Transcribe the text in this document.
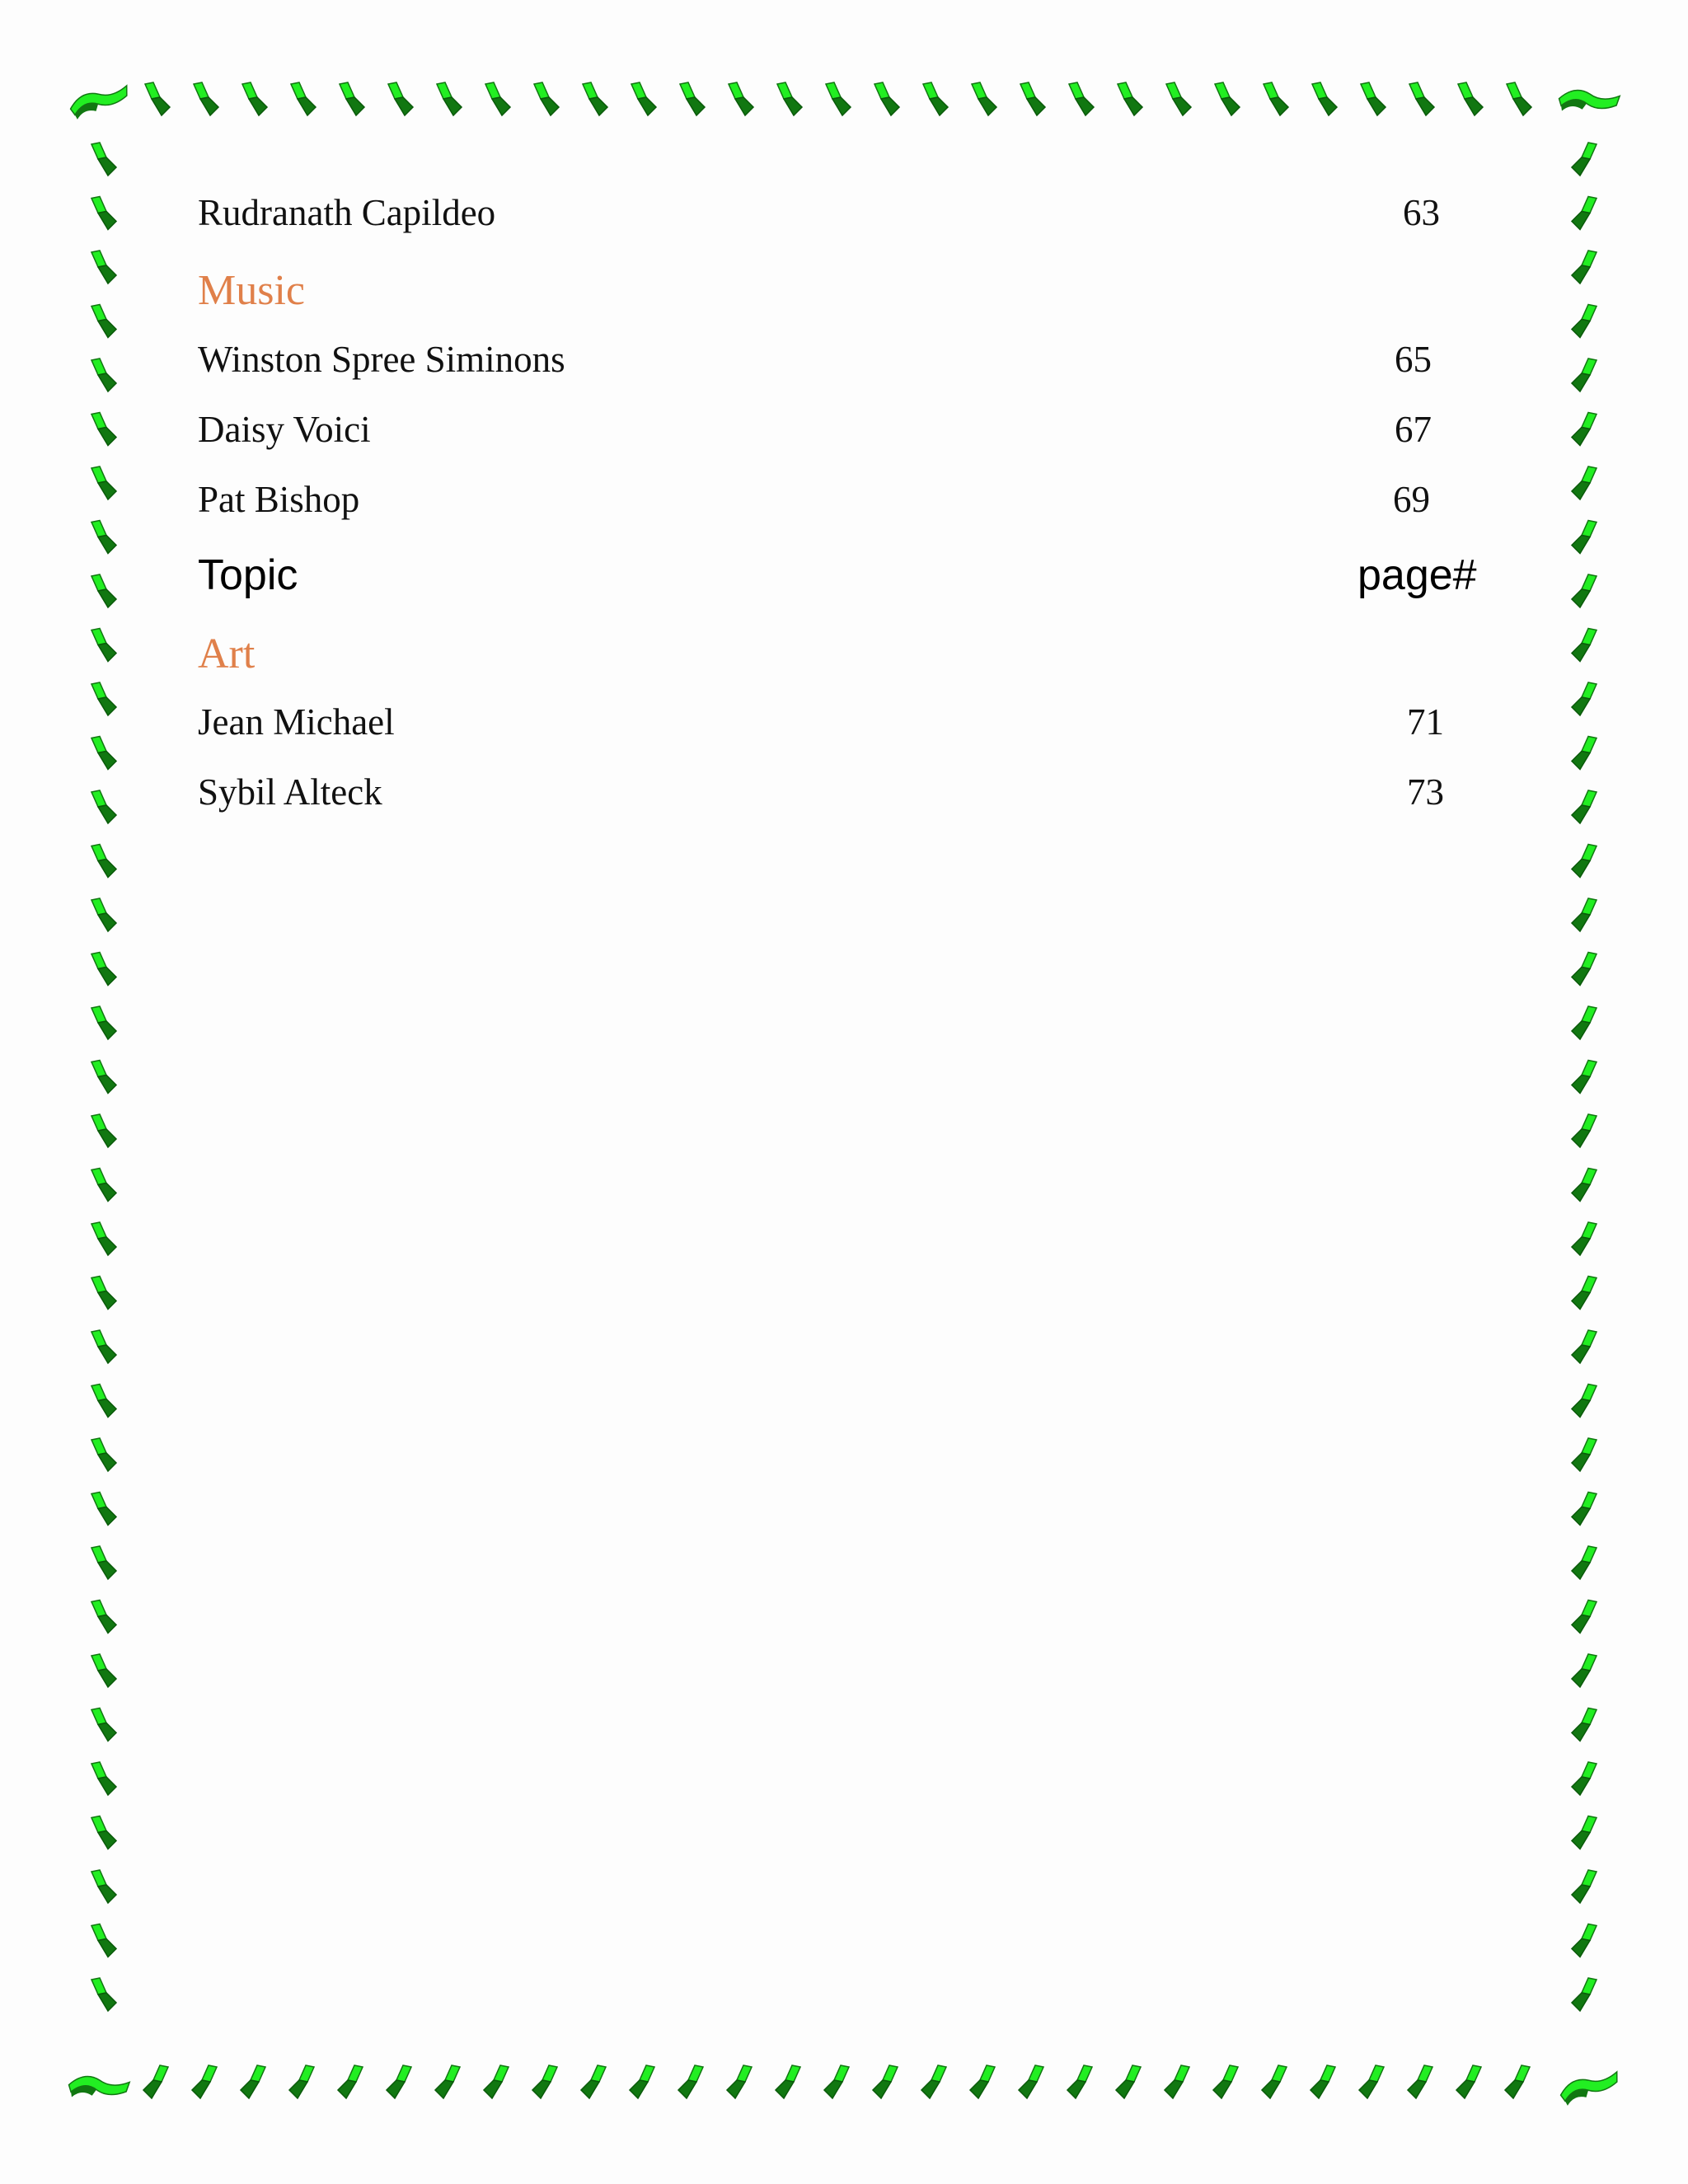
Rudranath Capildeo	63
Music
Winston Spree Siminons	65
Daisy Voici	67
Pat Bishop	69
Topic	page#
Art
Jean Michael	71
Sybil Alteck	73
